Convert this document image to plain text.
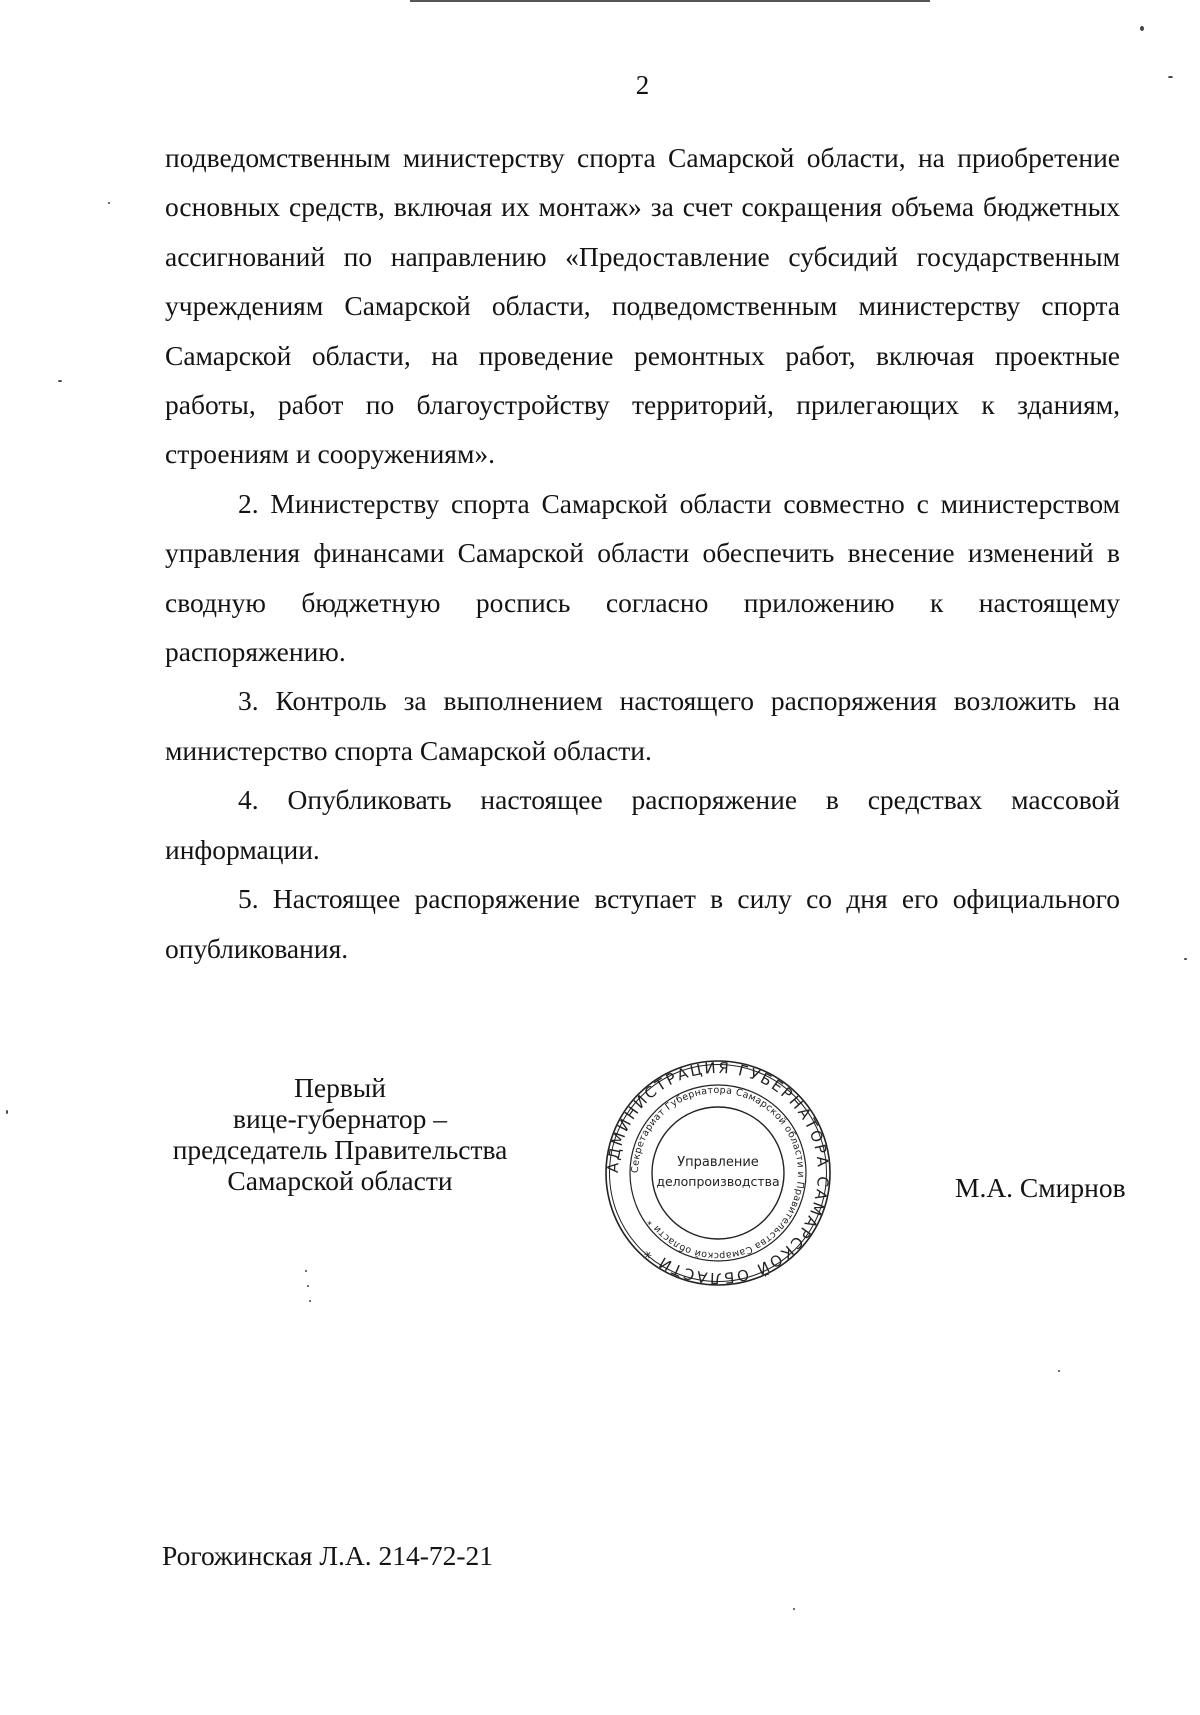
2

подведомственным министерству спорта Самарской области, на приобретение основных средств, включая их монтаж» за счет сокращения объема бюджетных ассигнований по направлению «Предоставление субсидий государственным учреждениям Самарской области, подведомственным министерству спорта Самарской области, на проведение ремонтных работ, включая проектные работы, работ по благоустройству территорий, прилегающих к зданиям, строениям и сооружениям».

2. Министерству спорта Самарской области совместно с министерством управления финансами Самарской области обеспечить внесение изменений в сводную бюджетную роспись согласно приложению к настоящему распоряжению.

3. Контроль за выполнением настоящего распоряжения возложить на министерство спорта Самарской области.

4. Опубликовать настоящее распоряжение в средствах массовой информации.

5. Настоящее распоряжение вступает в силу со дня его официального опубликования.

Первый
вице-губернатор –
председатель Правительства
Самарской области	АДМИНИСТРАЦИЯ ГУБЕРНАТОРА САМАРСКОЙ ОБЛАСТИ *
Секретариат Губернатора Самарской области и Правительства Самарской области *
Управление
делопроизводства	М.А. Смирнов
Рогожинская Л.А. 214-72-21
